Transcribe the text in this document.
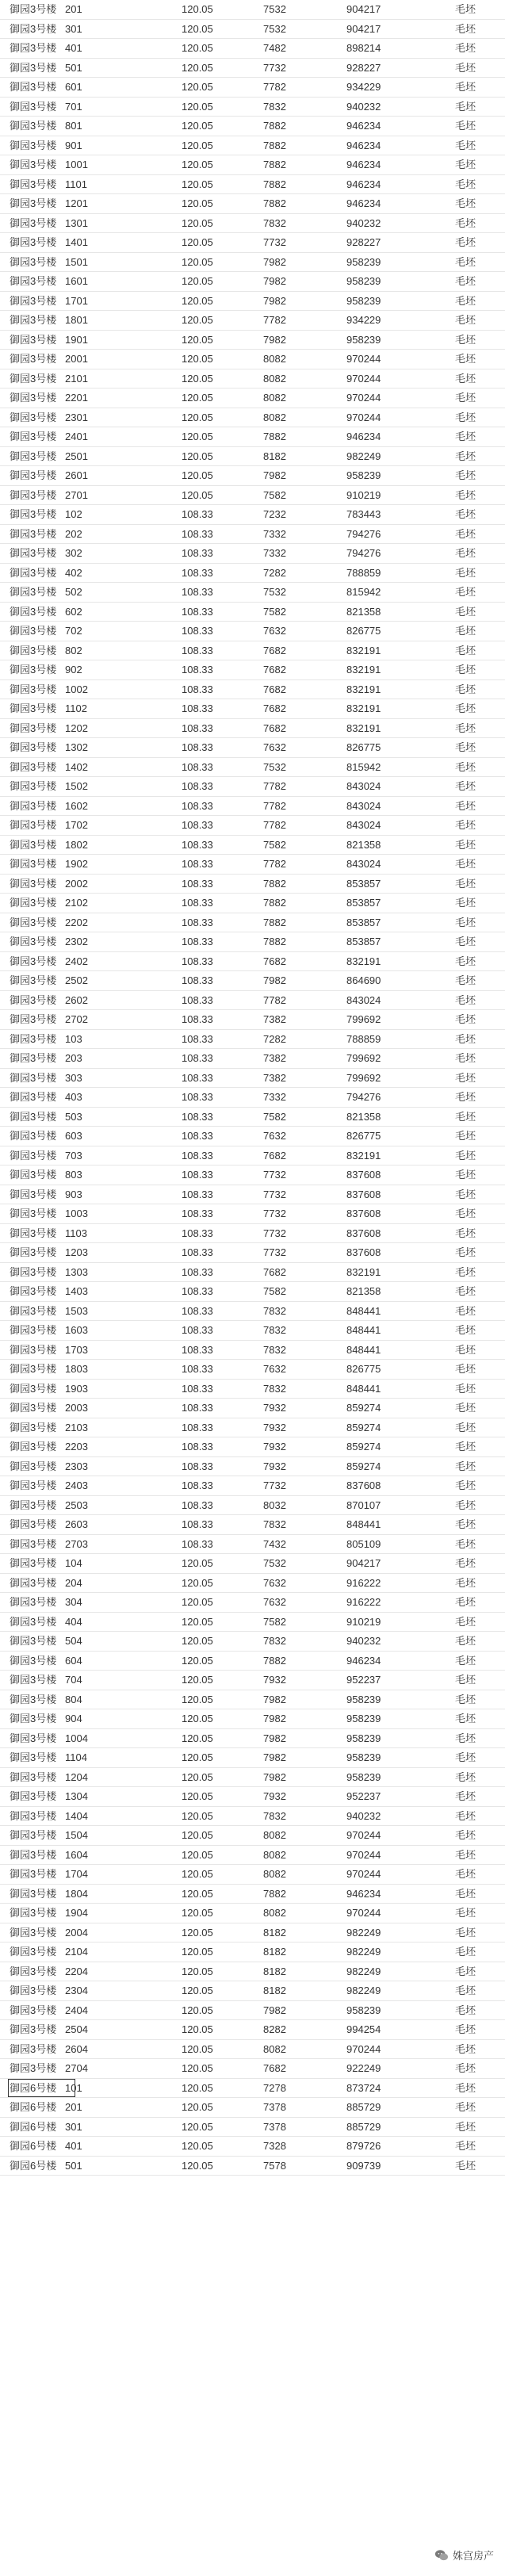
御园3号楼 201	120.05	7532	904217	毛坯
御园3号楼 301	120.05	7532	904217	毛坯
御园3号楼 401	120.05	7482	898214	毛坯
御园3号楼 501	120.05	7732	928227	毛坯
御园3号楼 601	120.05	7782	934229	毛坯
御园3号楼 701	120.05	7832	940232	毛坯
御园3号楼 801	120.05	7882	946234	毛坯
御园3号楼 901	120.05	7882	946234	毛坯
御园3号楼 1001	120.05	7882	946234	毛坯
御园3号楼 1101	120.05	7882	946234	毛坯
御园3号楼 1201	120.05	7882	946234	毛坯
御园3号楼 1301	120.05	7832	940232	毛坯
御园3号楼 1401	120.05	7732	928227	毛坯
御园3号楼 1501	120.05	7982	958239	毛坯
御园3号楼 1601	120.05	7982	958239	毛坯
御园3号楼 1701	120.05	7982	958239	毛坯
御园3号楼 1801	120.05	7782	934229	毛坯
御园3号楼 1901	120.05	7982	958239	毛坯
御园3号楼 2001	120.05	8082	970244	毛坯
御园3号楼 2101	120.05	8082	970244	毛坯
御园3号楼 2201	120.05	8082	970244	毛坯
御园3号楼 2301	120.05	8082	970244	毛坯
御园3号楼 2401	120.05	7882	946234	毛坯
御园3号楼 2501	120.05	8182	982249	毛坯
御园3号楼 2601	120.05	7982	958239	毛坯
御园3号楼 2701	120.05	7582	910219	毛坯
御园3号楼 102	108.33	7232	783443	毛坯
御园3号楼 202	108.33	7332	794276	毛坯
御园3号楼 302	108.33	7332	794276	毛坯
御园3号楼 402	108.33	7282	788859	毛坯
御园3号楼 502	108.33	7532	815942	毛坯
御园3号楼 602	108.33	7582	821358	毛坯
御园3号楼 702	108.33	7632	826775	毛坯
御园3号楼 802	108.33	7682	832191	毛坯
御园3号楼 902	108.33	7682	832191	毛坯
御园3号楼 1002	108.33	7682	832191	毛坯
御园3号楼 1102	108.33	7682	832191	毛坯
御园3号楼 1202	108.33	7682	832191	毛坯
御园3号楼 1302	108.33	7632	826775	毛坯
御园3号楼 1402	108.33	7532	815942	毛坯
御园3号楼 1502	108.33	7782	843024	毛坯
御园3号楼 1602	108.33	7782	843024	毛坯
御园3号楼 1702	108.33	7782	843024	毛坯
御园3号楼 1802	108.33	7582	821358	毛坯
御园3号楼 1902	108.33	7782	843024	毛坯
御园3号楼 2002	108.33	7882	853857	毛坯
御园3号楼 2102	108.33	7882	853857	毛坯
御园3号楼 2202	108.33	7882	853857	毛坯
御园3号楼 2302	108.33	7882	853857	毛坯
御园3号楼 2402	108.33	7682	832191	毛坯
御园3号楼 2502	108.33	7982	864690	毛坯
御园3号楼 2602	108.33	7782	843024	毛坯
御园3号楼 2702	108.33	7382	799692	毛坯
御园3号楼 103	108.33	7282	788859	毛坯
御园3号楼 203	108.33	7382	799692	毛坯
御园3号楼 303	108.33	7382	799692	毛坯
御园3号楼 403	108.33	7332	794276	毛坯
御园3号楼 503	108.33	7582	821358	毛坯
御园3号楼 603	108.33	7632	826775	毛坯
御园3号楼 703	108.33	7682	832191	毛坯
御园3号楼 803	108.33	7732	837608	毛坯
御园3号楼 903	108.33	7732	837608	毛坯
御园3号楼 1003	108.33	7732	837608	毛坯
御园3号楼 1103	108.33	7732	837608	毛坯
御园3号楼 1203	108.33	7732	837608	毛坯
御园3号楼 1303	108.33	7682	832191	毛坯
御园3号楼 1403	108.33	7582	821358	毛坯
御园3号楼 1503	108.33	7832	848441	毛坯
御园3号楼 1603	108.33	7832	848441	毛坯
御园3号楼 1703	108.33	7832	848441	毛坯
御园3号楼 1803	108.33	7632	826775	毛坯
御园3号楼 1903	108.33	7832	848441	毛坯
御园3号楼 2003	108.33	7932	859274	毛坯
御园3号楼 2103	108.33	7932	859274	毛坯
御园3号楼 2203	108.33	7932	859274	毛坯
御园3号楼 2303	108.33	7932	859274	毛坯
御园3号楼 2403	108.33	7732	837608	毛坯
御园3号楼 2503	108.33	8032	870107	毛坯
御园3号楼 2603	108.33	7832	848441	毛坯
御园3号楼 2703	108.33	7432	805109	毛坯
御园3号楼 104	120.05	7532	904217	毛坯
御园3号楼 204	120.05	7632	916222	毛坯
御园3号楼 304	120.05	7632	916222	毛坯
御园3号楼 404	120.05	7582	910219	毛坯
御园3号楼 504	120.05	7832	940232	毛坯
御园3号楼 604	120.05	7882	946234	毛坯
御园3号楼 704	120.05	7932	952237	毛坯
御园3号楼 804	120.05	7982	958239	毛坯
御园3号楼 904	120.05	7982	958239	毛坯
御园3号楼 1004	120.05	7982	958239	毛坯
御园3号楼 1104	120.05	7982	958239	毛坯
御园3号楼 1204	120.05	7982	958239	毛坯
御园3号楼 1304	120.05	7932	952237	毛坯
御园3号楼 1404	120.05	7832	940232	毛坯
御园3号楼 1504	120.05	8082	970244	毛坯
御园3号楼 1604	120.05	8082	970244	毛坯
御园3号楼 1704	120.05	8082	970244	毛坯
御园3号楼 1804	120.05	7882	946234	毛坯
御园3号楼 1904	120.05	8082	970244	毛坯
御园3号楼 2004	120.05	8182	982249	毛坯
御园3号楼 2104	120.05	8182	982249	毛坯
御园3号楼 2204	120.05	8182	982249	毛坯
御园3号楼 2304	120.05	8182	982249	毛坯
御园3号楼 2404	120.05	7982	958239	毛坯
御园3号楼 2504	120.05	8282	994254	毛坯
御园3号楼 2604	120.05	8082	970244	毛坯
御园3号楼 2704	120.05	7682	922249	毛坯
御园6号楼 101	120.05	7278	873724	毛坯
御园6号楼 201	120.05	7378	885729	毛坯
御园6号楼 301	120.05	7378	885729	毛坯
御园6号楼 401	120.05	7328	879726	毛坯
御园6号楼 501	120.05	7578	909739	毛坯
姝宫房产
